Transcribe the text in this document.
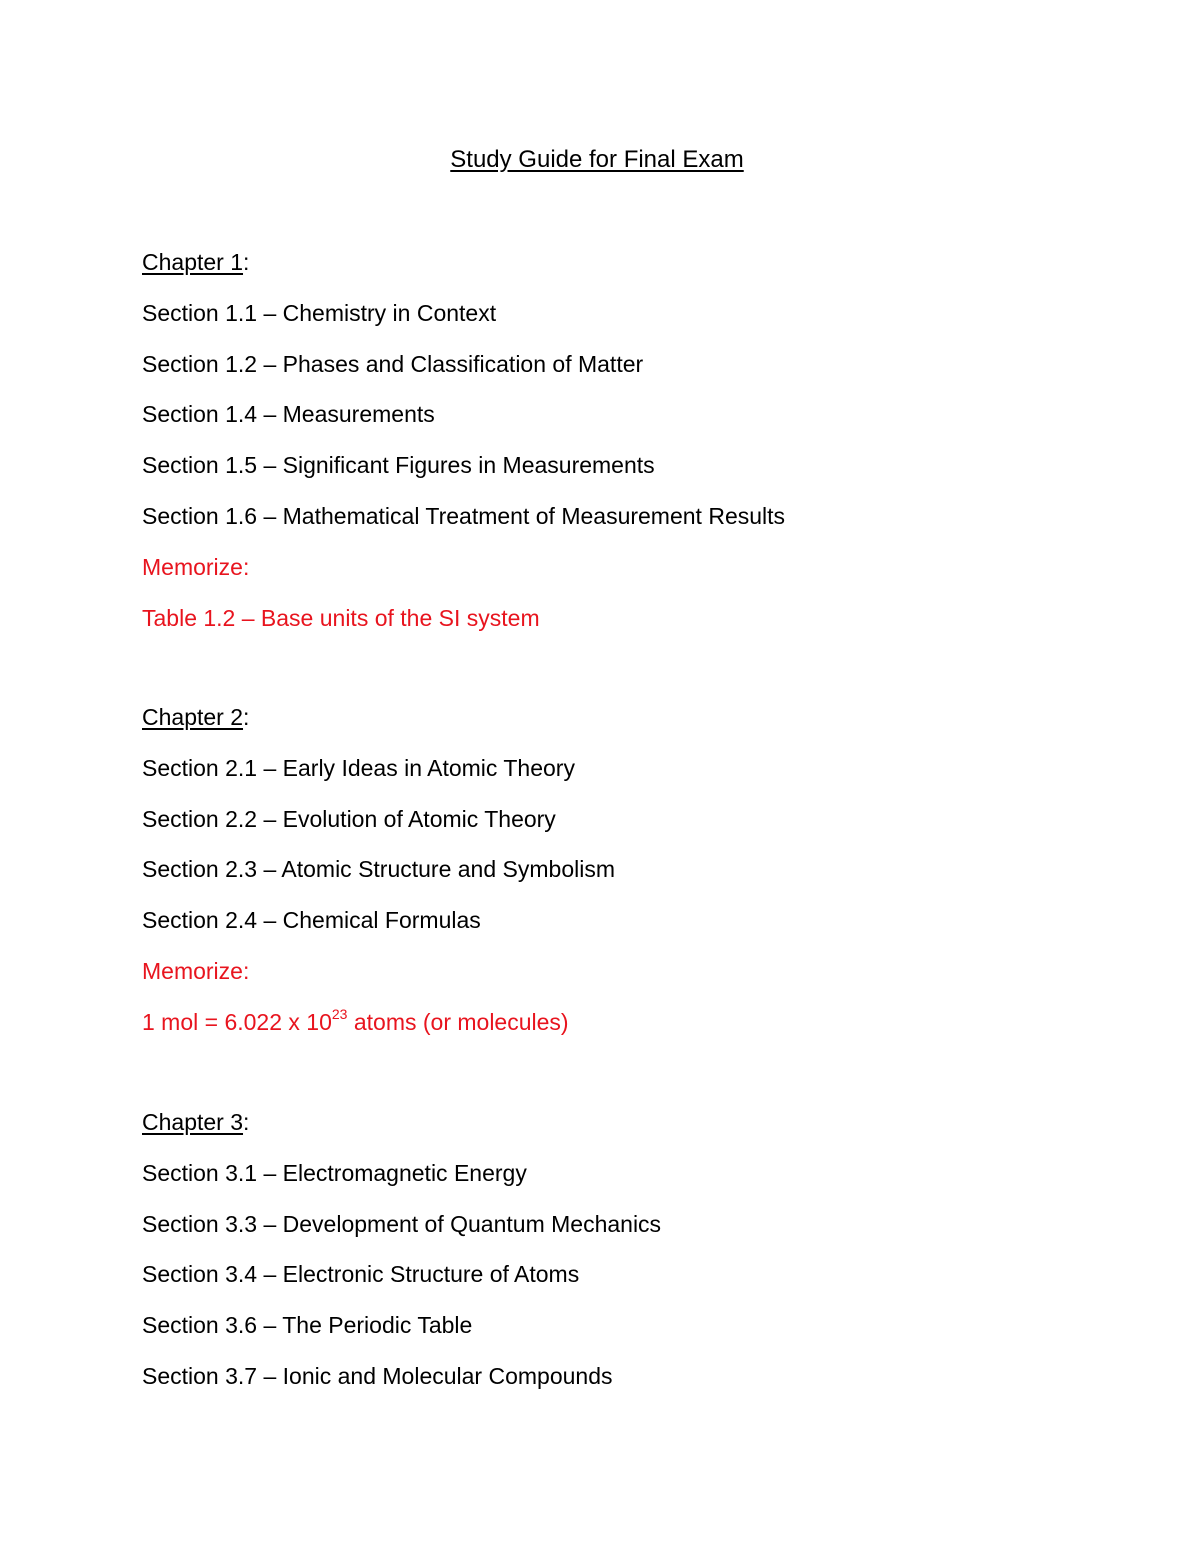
Study Guide for Final Exam
Chapter 1:
Section 1.1 – Chemistry in Context
Section 1.2 – Phases and Classification of Matter
Section 1.4 – Measurements
Section 1.5 – Significant Figures in Measurements
Section 1.6 – Mathematical Treatment of Measurement Results
Memorize:
Table 1.2 – Base units of the SI system
Chapter 2:
Section 2.1 – Early Ideas in Atomic Theory
Section 2.2 – Evolution of Atomic Theory
Section 2.3 – Atomic Structure and Symbolism
Section 2.4 – Chemical Formulas
Memorize:
1 mol = 6.022 x $10^{23}$ atoms (or molecules)
Chapter 3:
Section 3.1 – Electromagnetic Energy
Section 3.3 – Development of Quantum Mechanics
Section 3.4 – Electronic Structure of Atoms
Section 3.6 – The Periodic Table
Section 3.7 – Ionic and Molecular Compounds
